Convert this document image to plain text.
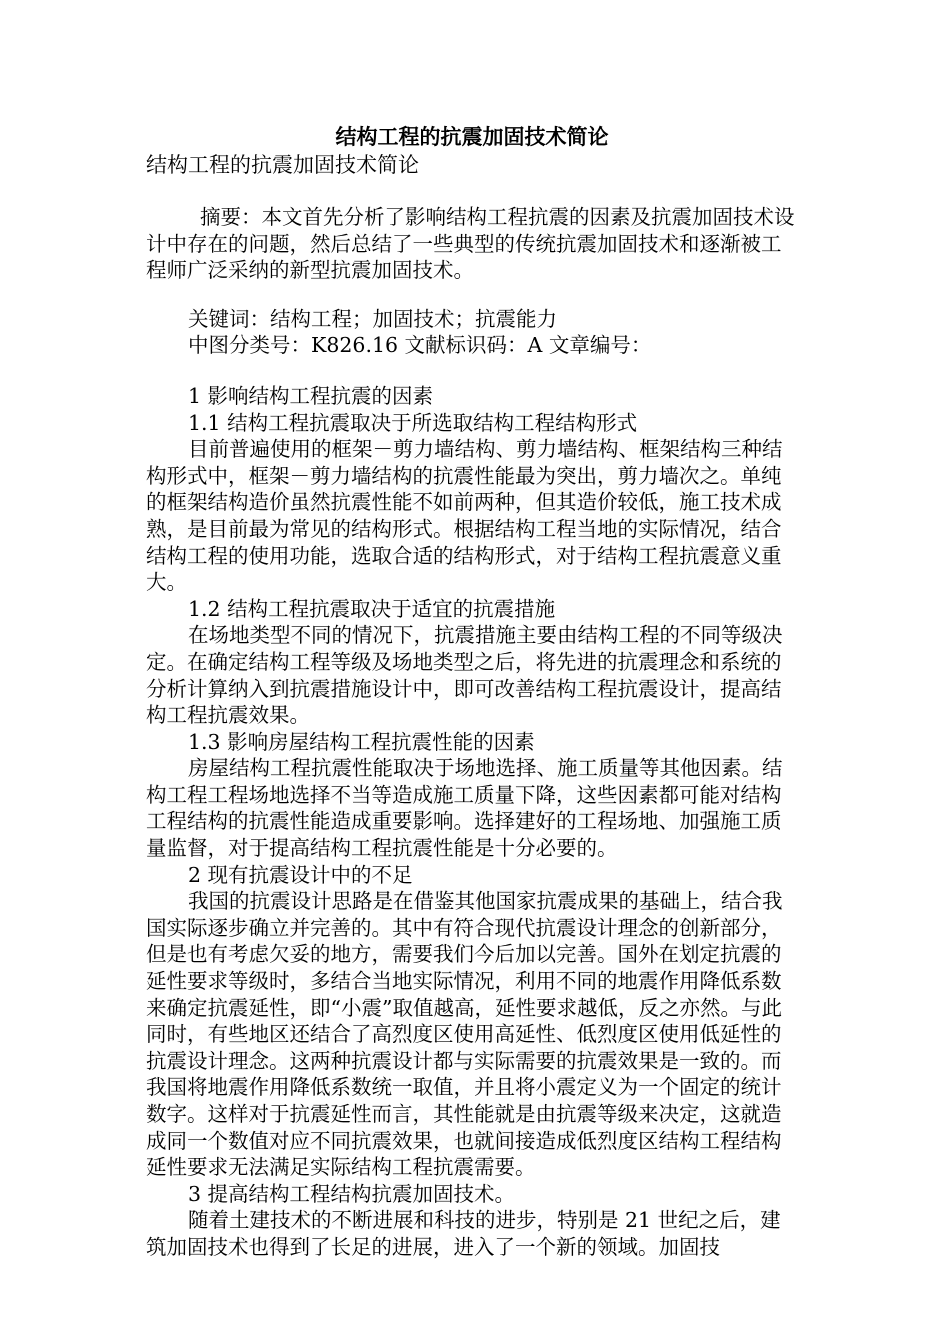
结构工程的抗震加固技术简论

结构工程的抗震加固技术简论

摘要：本文首先分析了影响结构工程抗震的因素及抗震加固技术设计中存在的问题，然后总结了一些典型的传统抗震加固技术和逐渐被工程师广泛采纳的新型抗震加固技术。

关键词：结构工程；加固技术；抗震能力

中图分类号：K826.16 文献标识码：A 文章编号：

1 影响结构工程抗震的因素

1.1 结构工程抗震取决于所选取结构工程结构形式

目前普遍使用的框架－剪力墙结构、剪力墙结构、框架结构三种结构形式中，框架－剪力墙结构的抗震性能最为突出，剪力墙次之。单纯的框架结构造价虽然抗震性能不如前两种，但其造价较低，施工技术成熟，是目前最为常见的结构形式。根据结构工程当地的实际情况，结合结构工程的使用功能，选取合适的结构形式，对于结构工程抗震意义重大。

1.2 结构工程抗震取决于适宜的抗震措施

在场地类型不同的情况下，抗震措施主要由结构工程的不同等级决定。在确定结构工程等级及场地类型之后，将先进的抗震理念和系统的分析计算纳入到抗震措施设计中，即可改善结构工程抗震设计，提高结构工程抗震效果。

1.3 影响房屋结构工程抗震性能的因素

房屋结构工程抗震性能取决于场地选择、施工质量等其他因素。结构工程工程场地选择不当等造成施工质量下降，这些因素都可能对结构工程结构的抗震性能造成重要影响。选择建好的工程场地、加强施工质量监督，对于提高结构工程抗震性能是十分必要的。

2 现有抗震设计中的不足

我国的抗震设计思路是在借鉴其他国家抗震成果的基础上，结合我国实际逐步确立并完善的。其中有符合现代抗震设计理念的创新部分，但是也有考虑欠妥的地方，需要我们今后加以完善。国外在划定抗震的延性要求等级时，多结合当地实际情况，利用不同的地震作用降低系数来确定抗震延性，即“小震”取值越高，延性要求越低，反之亦然。与此同时，有些地区还结合了高烈度区使用高延性、低烈度区使用低延性的抗震设计理念。这两种抗震设计都与实际需要的抗震效果是一致的。而我国将地震作用降低系数统一取值，并且将小震定义为一个固定的统计数字。这样对于抗震延性而言，其性能就是由抗震等级来决定，这就造成同一个数值对应不同抗震效果，也就间接造成低烈度区结构工程结构延性要求无法满足实际结构工程抗震需要。

3 提高结构工程结构抗震加固技术。

随着土建技术的不断进展和科技的进步，特别是 21 世纪之后，建筑加固技术也得到了长足的进展，进入了一个新的领域。加固技
